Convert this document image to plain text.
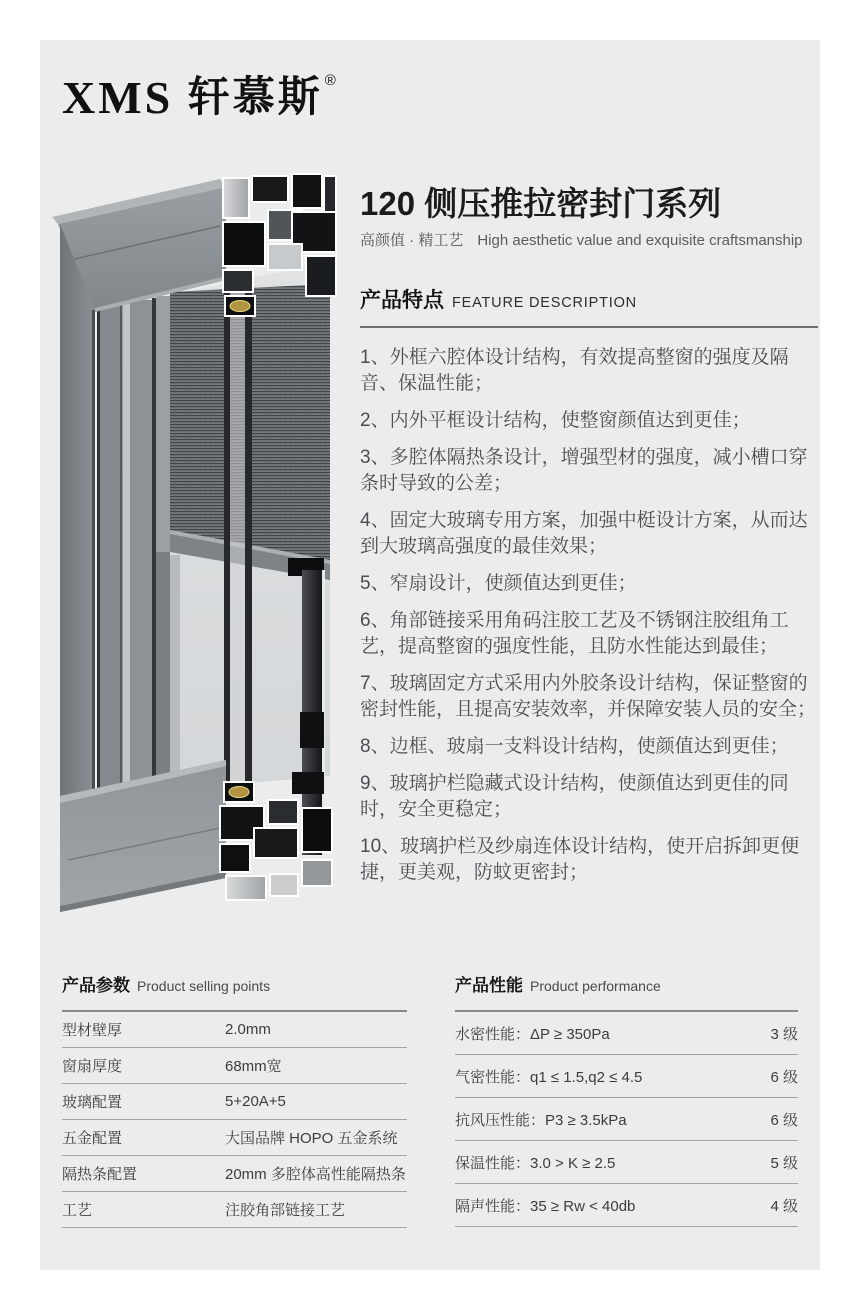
XMS 轩慕斯 ®
120 侧压推拉密封门系列
高颜值 · 精工艺 High aesthetic value and exquisite craftsmanship
产品特点 FEATURE DESCRIPTION
1、外框六腔体设计结构，有效提高整窗的强度及隔音、保温性能；
2、内外平框设计结构，使整窗颜值达到更佳；
3、多腔体隔热条设计，增强型材的强度，减小槽口穿条时导致的公差；
4、固定大玻璃专用方案，加强中梃设计方案，从而达到大玻璃高强度的最佳效果；
5、窄扇设计，使颜值达到更佳；
6、角部链接采用角码注胶工艺及不锈钢注胶组角工艺，提高整窗的强度性能，且防水性能达到最佳；
7、玻璃固定方式采用内外胶条设计结构，保证整窗的密封性能，且提高安装效率，并保障安装人员的安全；
8、边框、玻扇一支料设计结构，使颜值达到更佳；
9、玻璃护栏隐藏式设计结构，使颜值达到更佳的同时，安全更稳定；
10、玻璃护栏及纱扇连体设计结构，使开启拆卸更便捷，更美观，防蚊更密封；
产品参数 Product selling points
型材壁厚	2.0mm
窗扇厚度	68mm宽
玻璃配置	5+20A+5
五金配置	大国品牌 HOPO 五金系统
隔热条配置	20mm 多腔体高性能隔热条
工艺	注胶角部链接工艺
产品性能 Product performance
水密性能：ΔP ≥ 350Pa	3 级
气密性能：q1 ≤ 1.5,q2 ≤ 4.5	6 级
抗风压性能：P3 ≥ 3.5kPa	6 级
保温性能：3.0 > K ≥ 2.5	5 级
隔声性能：35 ≥ Rw < 40db	4 级
